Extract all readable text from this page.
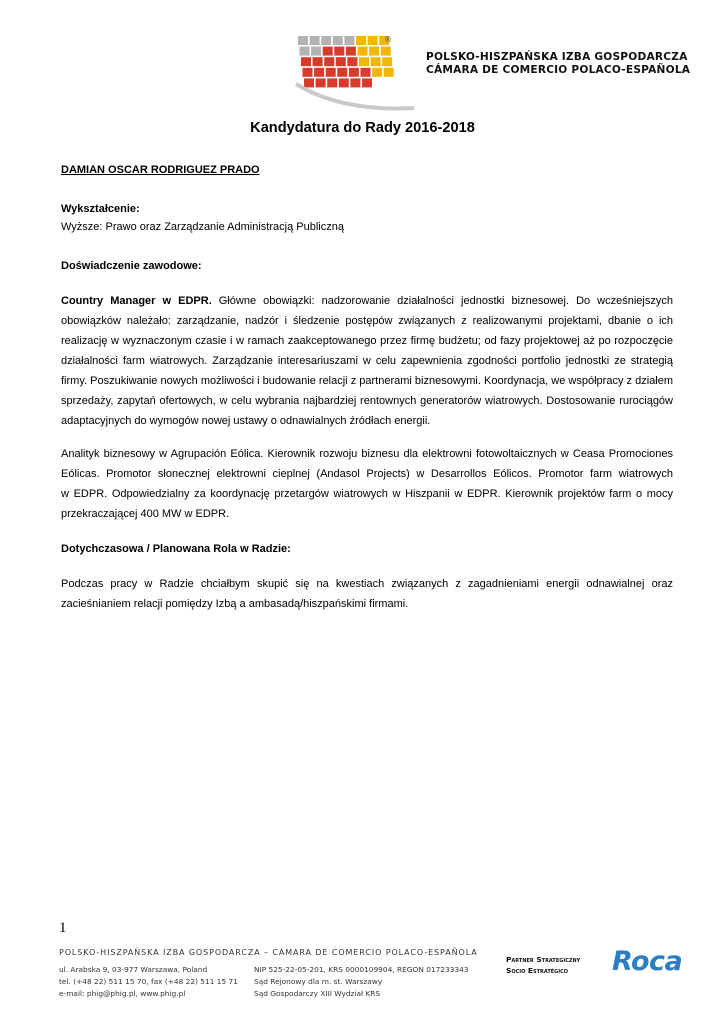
®
POLSKO-HISZPAŃSKA IZBA GOSPODARCZA
CÁMARA DE COMERCIO POLACO-ESPAÑOLA
Kandydatura do Rady 2016-2018
DAMIAN OSCAR RODRIGUEZ PRADO
Wykształcenie:
Wyższe: Prawo oraz Zarządzanie Administracją Publiczną
Doświadczenie zawodowe:
Country Manager w EDPR. Główne obowiązki: nadzorowanie działalności jednostki biznesowej. Do wcześniejszych
obowiązków należało: zarządzanie, nadzór i śledzenie postępów związanych z realizowanymi projektami, dbanie o ich
realizację w wyznaczonym czasie i w ramach zaakceptowanego przez firmę budżetu; od fazy projektowej aż po rozpoczęcie
działalności farm wiatrowych. Zarządzanie interesariuszami w celu zapewnienia zgodności portfolio jednostki ze strategią
firmy. Poszukiwanie nowych możliwości i budowanie relacji z partnerami biznesowymi. Koordynacja, we współpracy z działem
sprzedaży, zapytań ofertowych, w celu wybrania najbardziej rentownych generatorów wiatrowych. Dostosowanie rurociągów
adaptacyjnych do wymogów nowej ustawy o odnawialnych źródłach energii.
Analityk biznesowy w Agrupación Eólica. Kierownik rozwoju biznesu dla elektrowni fotowoltaicznych w Ceasa Promociones
Eólicas. Promotor słonecznej elektrowni cieplnej (Andasol Projects) w Desarrollos Eólicos. Promotor farm wiatrowych
w EDPR. Odpowiedzialny za koordynację przetargów wiatrowych w Hiszpanii w EDPR. Kierownik projektów farm o mocy
przekraczającej 400 MW w EDPR.
Dotychczasowa / Planowana Rola w Radzie:
Podczas pracy w Radzie chciałbym skupić się na kwestiach związanych z zagadnieniami energii odnawialnej oraz
zacieśnianiem relacji pomiędzy Izbą a ambasadą/hiszpańskimi firmami.
1
POLSKO-HISZPAŃSKA IZBA GOSPODARCZA – CÁMARA DE COMERCIO POLACO-ESPAÑOLA
ul. Arabska 9, 03-977 Warszawa, Poland
tel. (+48 22) 511 15 70, fax (+48 22) 511 15 71
e-mail: phig@phig.pl, www.phig.pl
NIP 525-22-05-201, KRS 0000109904, REGON 017233343
Sąd Rejonowy dla m. st. Warszawy
Sąd Gospodarczy XIII Wydział KRS
Partner Strategiczny
Socio Estratégico	Roca
